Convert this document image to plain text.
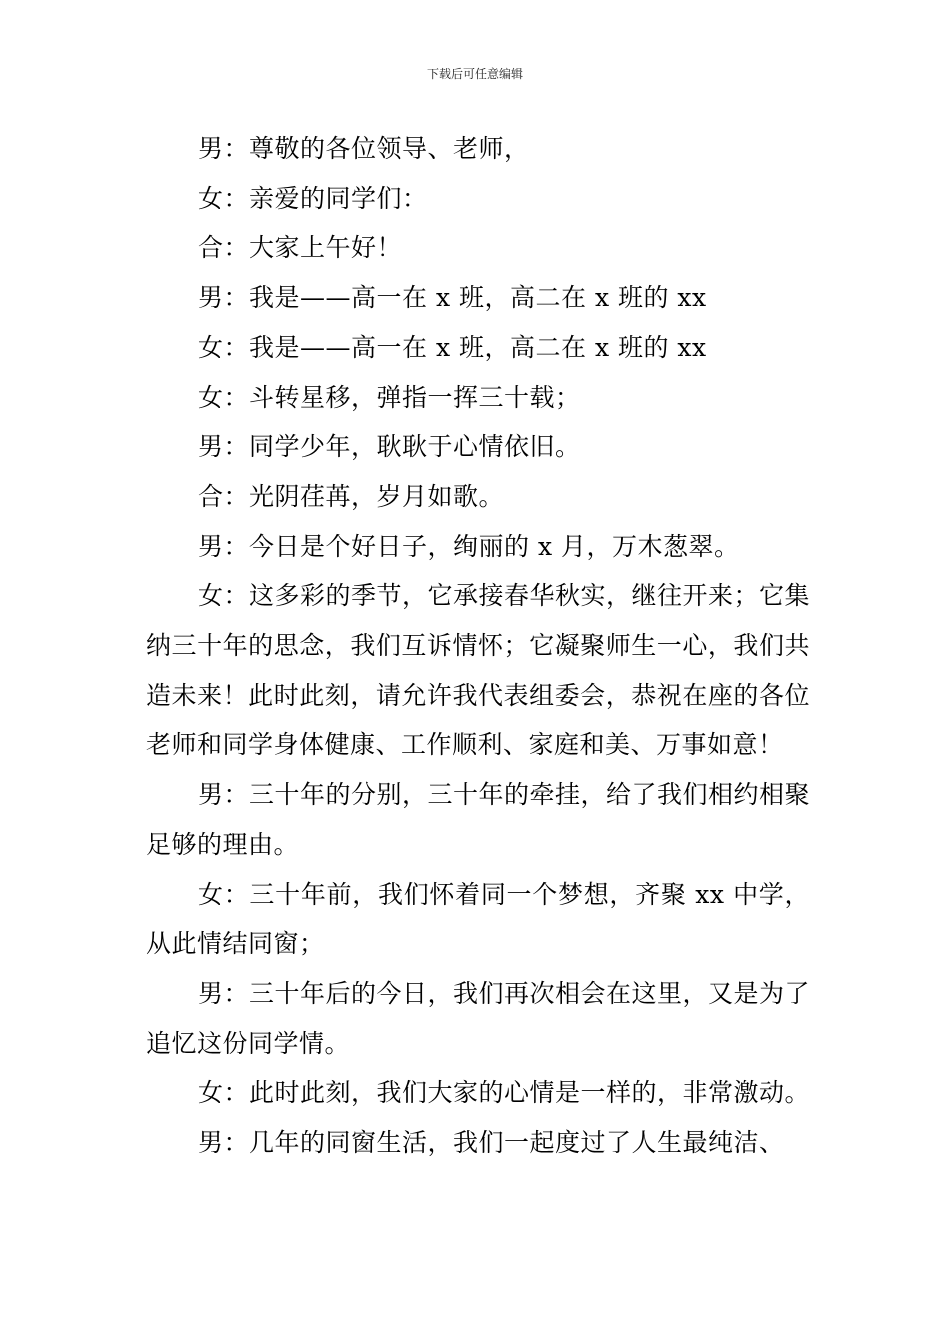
下载后可任意编辑

男：尊敬的各位领导、老师，

女：亲爱的同学们：

合：大家上午好！

男：我是——高一在 x 班，高二在 x 班的 xx

女：我是——高一在 x 班，高二在 x 班的 xx

女：斗转星移，弹指一挥三十载；

男：同学少年，耿耿于心情依旧。

合：光阴荏苒，岁月如歌。

男：今日是个好日子，绚丽的 x 月，万木葱翠。

女：这多彩的季节，它承接春华秋实，继往开来；它集纳三十年的思念，我们互诉情怀；它凝聚师生一心，我们共造未来！此时此刻，请允许我代表组委会，恭祝在座的各位老师和同学身体健康、工作顺利、家庭和美、万事如意！

男：三十年的分别，三十年的牵挂，给了我们相约相聚足够的理由。

女：三十年前，我们怀着同一个梦想，齐聚 xx 中学，从此情结同窗；

男：三十年后的今日，我们再次相会在这里，又是为了追忆这份同学情。

女：此时此刻，我们大家的心情是一样的，非常激动。

男：几年的同窗生活，我们一起度过了人生最纯洁、
